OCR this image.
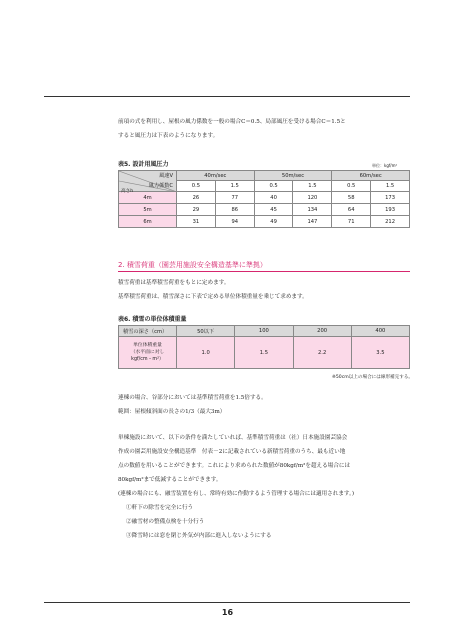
前項の式を利用し、屋根の風力係数を一般の場合C＝0.5、局部風圧を受ける場合C＝1.5と
すると風圧力は下表のようになります。
表5. 設計用風圧力	単位：kgf/m²
風速V
風力係数C
高さh	40m/sec		50m/sec		60m/sec	
	0.5	1.5	0.5	1.5	0.5	1.5
4m	26	77	40	120	58	173
5m	29	86	45	134	64	193
6m	31	94	49	147	71	212
2. 積雪荷重（園芸用施設安全構造基準に準拠）
積雪荷重は基準積雪荷重をもとに定めます。
基準積雪荷重は、積雪深さに下表で定める単位体積重量を乗じて求めます。
表6. 積雪の単位体積重量
積雪の深さ（cm）	50以下	100	200	400

単位体積重量
（水平面に対し
kgf/cm・m²）	1.0	1.5	2.2	3.5
※50cm以上の場合には線形補完する。
連棟の場合、谷部分においては基準積雪荷重を1.5倍する。
範囲：屋根傾斜面の長さの1/3（最大3m）
単棟施設において、以下の条件を満たしていれば、基準積雪荷重は（社）日本施設園芸協会
作成の園芸用施設安全構造基準　付表－2に記載されている新積雪荷重のうち、最も近い地
点の数値を用いることができます。これにより求められた数値が80kgf/m²を超える場合には
80kgf/m²まで低減することができます。
(連棟の場合にも、融雪装置を有し、常時有効に作動するよう管理する場合には適用されます。)
①軒下の除雪を完全に行う
②融雪材の整備点検を十分行う
③降雪時には窓を閉じ外気が内部に進入しないようにする
16
